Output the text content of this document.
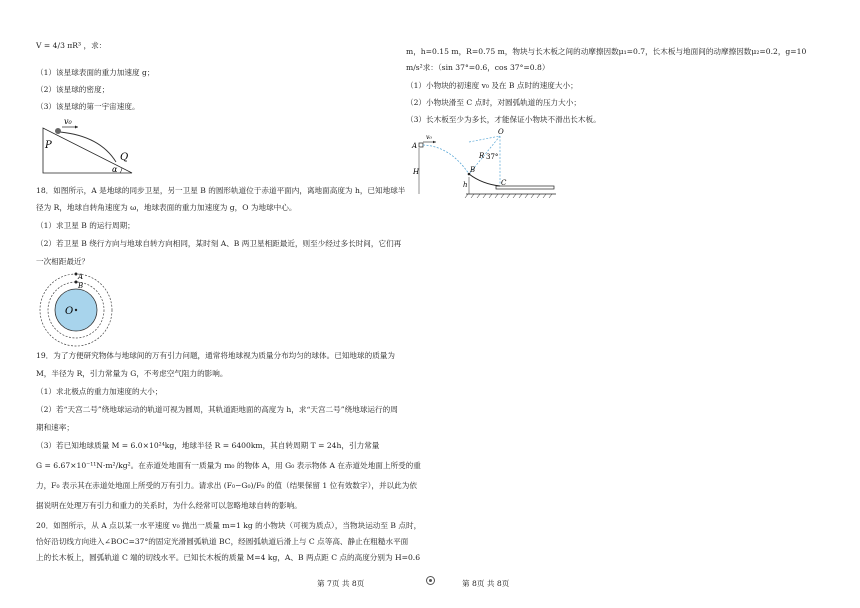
V = 4/3 πR³ ，求：
（1）该星球表面的重力加速度 g；
（2）该星球的密度；
（3）该星球的第一宇宙速度。
v₀
P
Q
α
18．如图所示，A 是地球的同步卫星，另一卫星 B 的圆形轨道位于赤道平面内，离地面高度为 h，已知地球半
径为 R，地球自转角速度为 ω，地球表面的重力加速度为 g，O 为地球中心。
（1）求卫星 B 的运行周期；
（2）若卫星 B 绕行方向与地球自转方向相同，某时刻 A、B 两卫星相距最近，则至少经过多长时间，它们再
一次相距最近？
A
B
O
19．为了方便研究物体与地球间的万有引力问题，通常将地球视为质量分布均匀的球体。已知地球的质量为
M，半径为 R，引力常量为 G，不考虑空气阻力的影响。
（1）求北极点的重力加速度的大小；
（2）若“天宫二号”绕地球运动的轨道可视为圆周，其轨道距地面的高度为 h，求“天宫二号”绕地球运行的周
期和速率；
（3）若已知地球质量 M = 6.0×10²⁴kg，地球半径 R = 6400km，其自转周期 T = 24h，引力常量
G = 6.67×10⁻¹¹N·m²/kg²。在赤道处地面有一质量为 m₀ 的物体 A，用 G₀ 表示物体 A 在赤道处地面上所受的重
力，F₀ 表示其在赤道处地面上所受的万有引力。请求出 (F₀−G₀)/F₀ 的值（结果保留 1 位有效数字），并以此为依
据说明在处理万有引力和重力的关系时，为什么经常可以忽略地球自转的影响。
20．如图所示，从 A 点以某一水平速度 v₀ 抛出一质量 m=1 kg 的小物块（可视为质点），当物块运动至 B 点时，
恰好沿切线方向进入∠BOC=37°的固定光滑圆弧轨道 BC，经圆弧轨道后滑上与 C 点等高、静止在粗糙水平面
上的长木板上，圆弧轨道 C 端的切线水平。已知长木板的质量 M=4 kg，A、B 两点距 C 点的高度分别为 H=0.6
m，h=0.15 m，R=0.75 m，物块与长木板之间的动摩擦因数μ₁=0.7，长木板与地面间的动摩擦因数μ₂=0.2，g=10
m/s²求：（sin 37°=0.6，cos 37°=0.8）
（1）小物块的初速度 v₀ 及在 B 点时的速度大小；
（2）小物块滑至 C 点时，对圆弧轨道的压力大小；
（3）长木板至少为多长，才能保证小物块不滑出长木板。
A
v₀
O
R 37°
H	B
h	C
第 7页 共 8页	第 8页 共 8页
